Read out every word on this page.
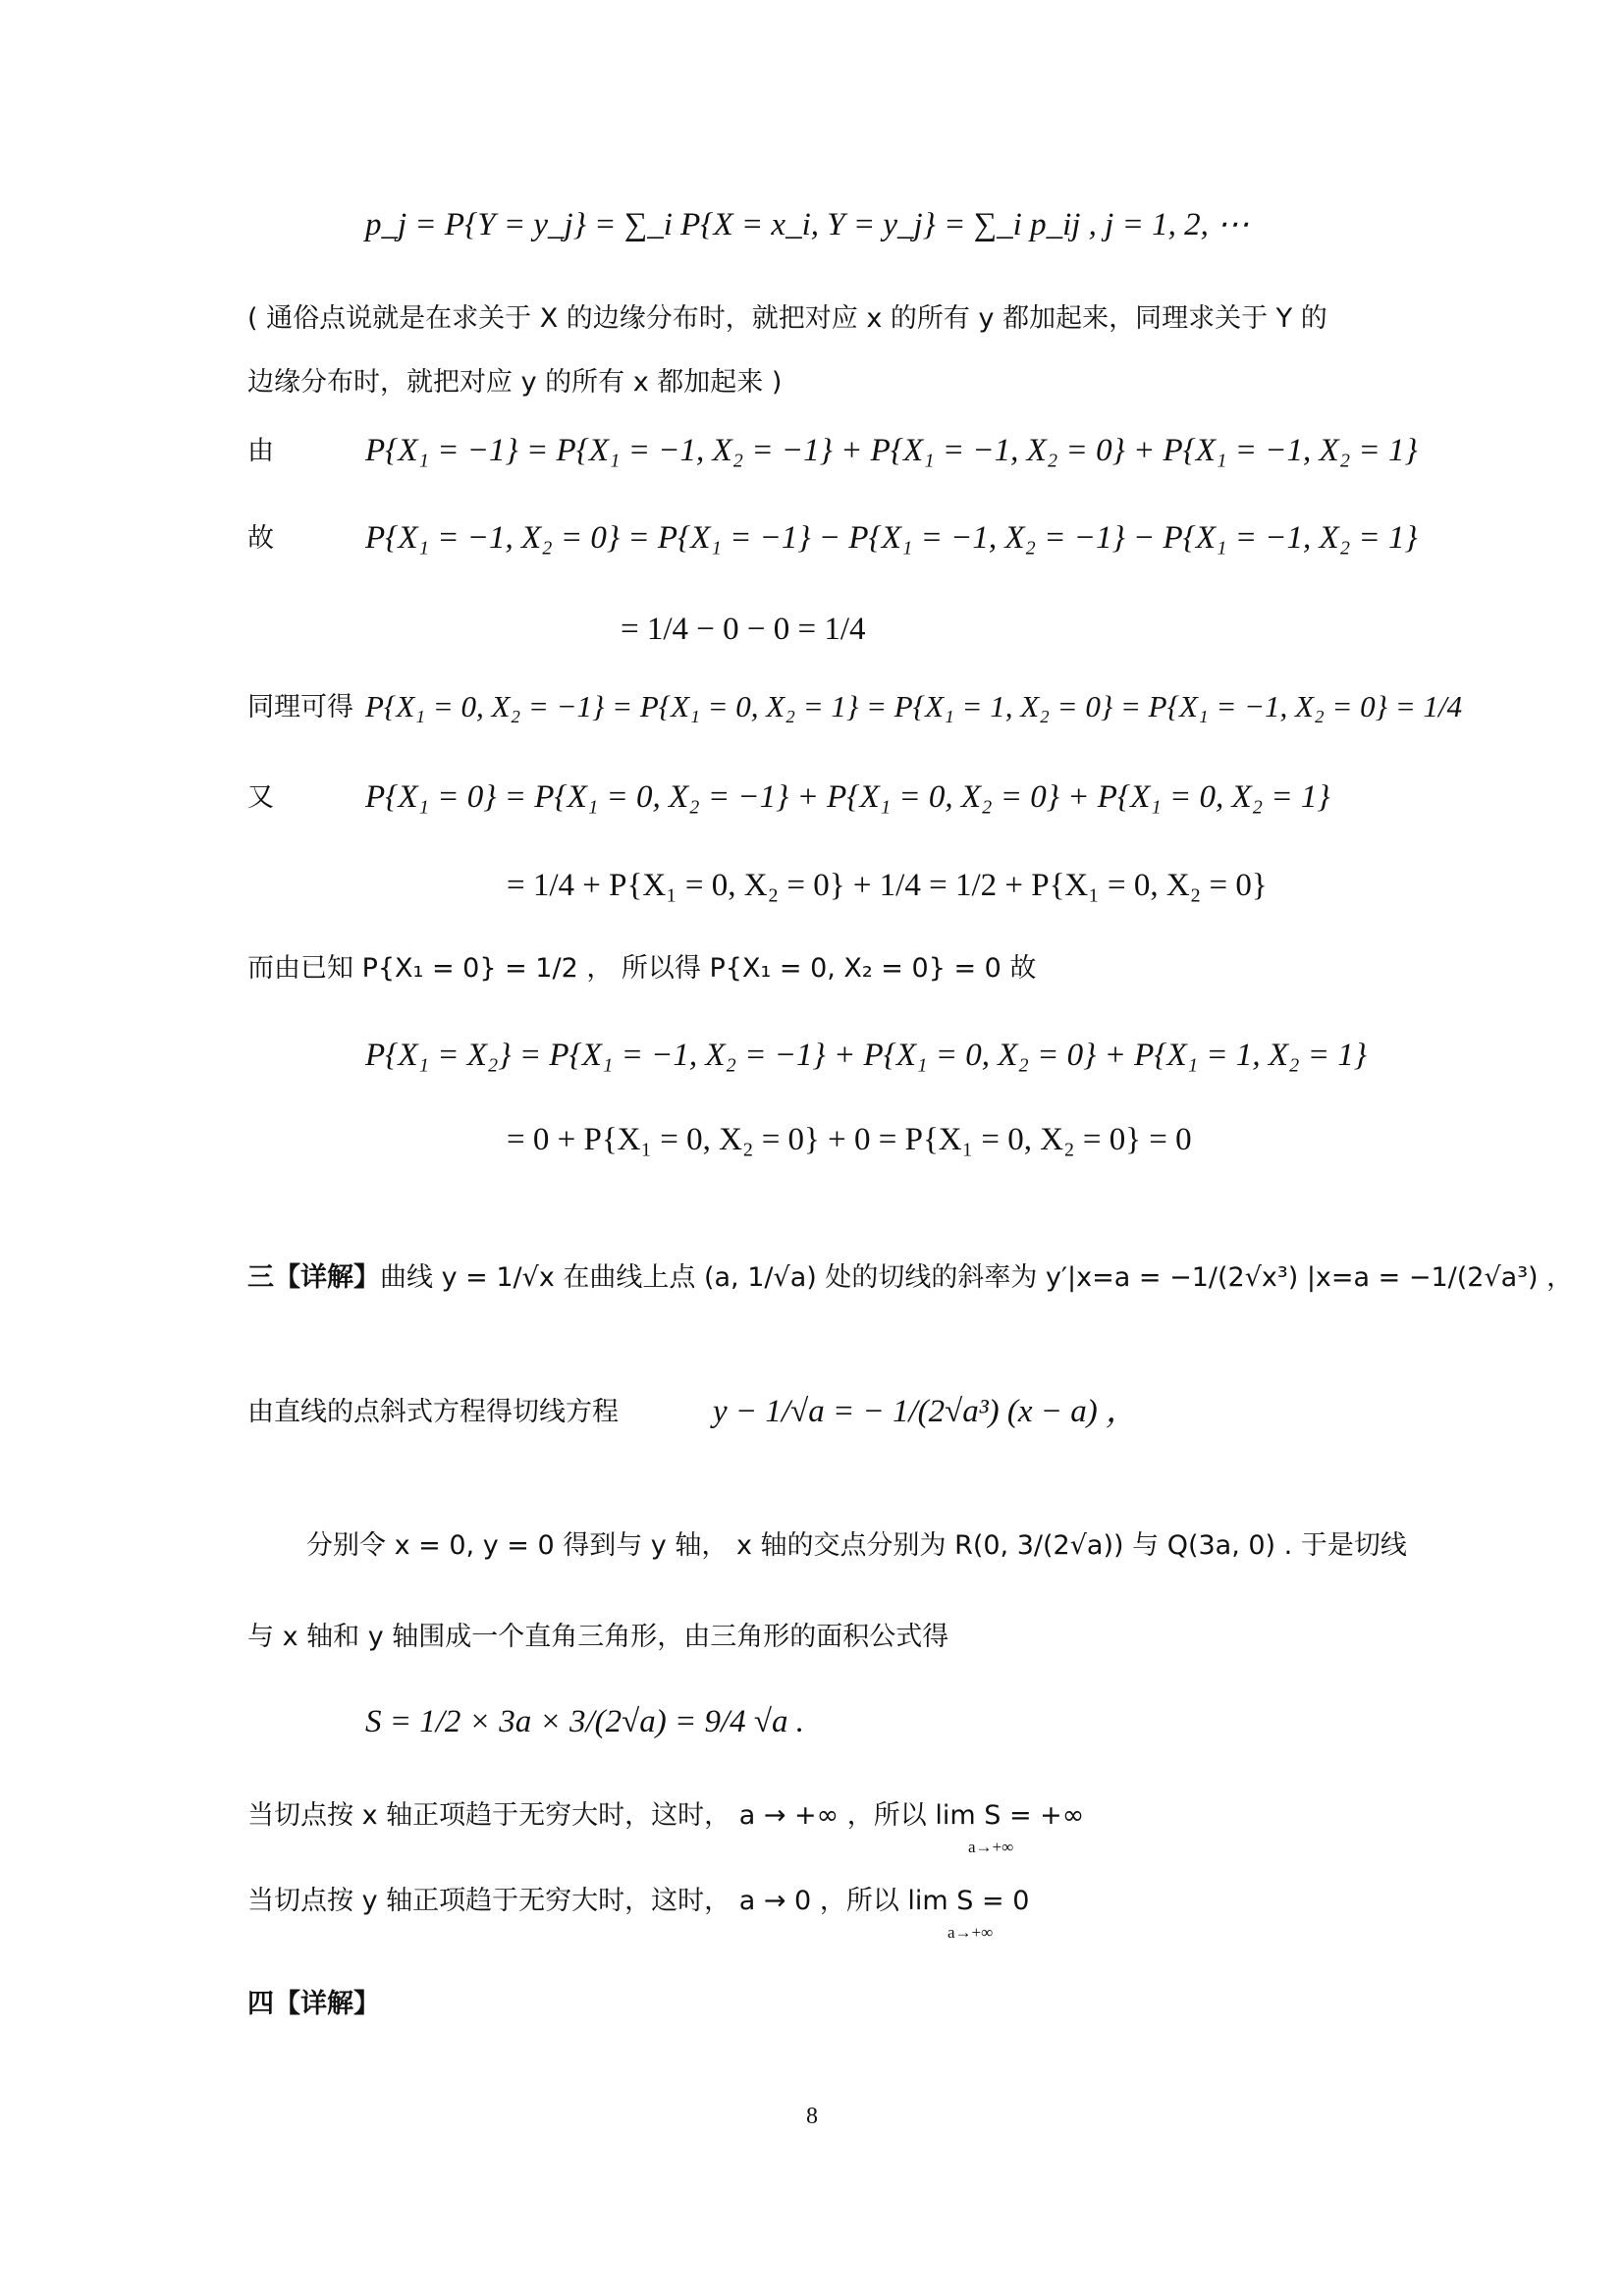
p_j = P{Y = y_j} = ∑_i P{X = x_i, Y = y_j} = ∑_i p_ij , j = 1, 2, ⋯
( 通俗点说就是在求关于 X 的边缘分布时，就把对应 x 的所有 y 都加起来，同理求关于 Y 的
边缘分布时，就把对应 y 的所有 x 都加起来 )
由	P{X₁ = −1} = P{X₁ = −1, X₂ = −1} + P{X₁ = −1, X₂ = 0} + P{X₁ = −1, X₂ = 1}
故	P{X₁ = −1, X₂ = 0} = P{X₁ = −1} − P{X₁ = −1, X₂ = −1} − P{X₁ = −1, X₂ = 1}
= 1/4 − 0 − 0 = 1/4
同理可得 P{X₁ = 0, X₂ = −1} = P{X₁ = 0, X₂ = 1} = P{X₁ = 1, X₂ = 0} = P{X₁ = −1, X₂ = 0} = 1/4
又	P{X₁ = 0} = P{X₁ = 0, X₂ = −1} + P{X₁ = 0, X₂ = 0} + P{X₁ = 0, X₂ = 1}
= 1/4 + P{X₁ = 0, X₂ = 0} + 1/4 = 1/2 + P{X₁ = 0, X₂ = 0}
而由已知 P{X₁ = 0} = 1/2 ， 所以得 P{X₁ = 0, X₂ = 0} = 0 故
P{X₁ = X₂} = P{X₁ = −1, X₂ = −1} + P{X₁ = 0, X₂ = 0} + P{X₁ = 1, X₂ = 1}
= 0 + P{X₁ = 0, X₂ = 0} + 0 = P{X₁ = 0, X₂ = 0} = 0
三【详解】曲线 y = 1/√x 在曲线上点 (a, 1/√a) 处的切线的斜率为 y′|x=a = −1/(2√x³) |x=a = −1/(2√a³) ，
由直线的点斜式方程得切线方程	y − 1/√a = − 1/(2√a³) (x − a) ，
分别令 x = 0, y = 0 得到与 y 轴， x 轴的交点分别为 R(0, 3/(2√a)) 与 Q(3a, 0) . 于是切线
与 x 轴和 y 轴围成一个直角三角形，由三角形的面积公式得
S = 1/2 × 3a × 3/(2√a) = 9/4 √a .
当切点按 x 轴正项趋于无穷大时，这时， a → +∞ ，所以 lim S = +∞
a→+∞
当切点按 y 轴正项趋于无穷大时，这时， a → 0 ，所以 lim S = 0
a→+∞
四【详解】
8
